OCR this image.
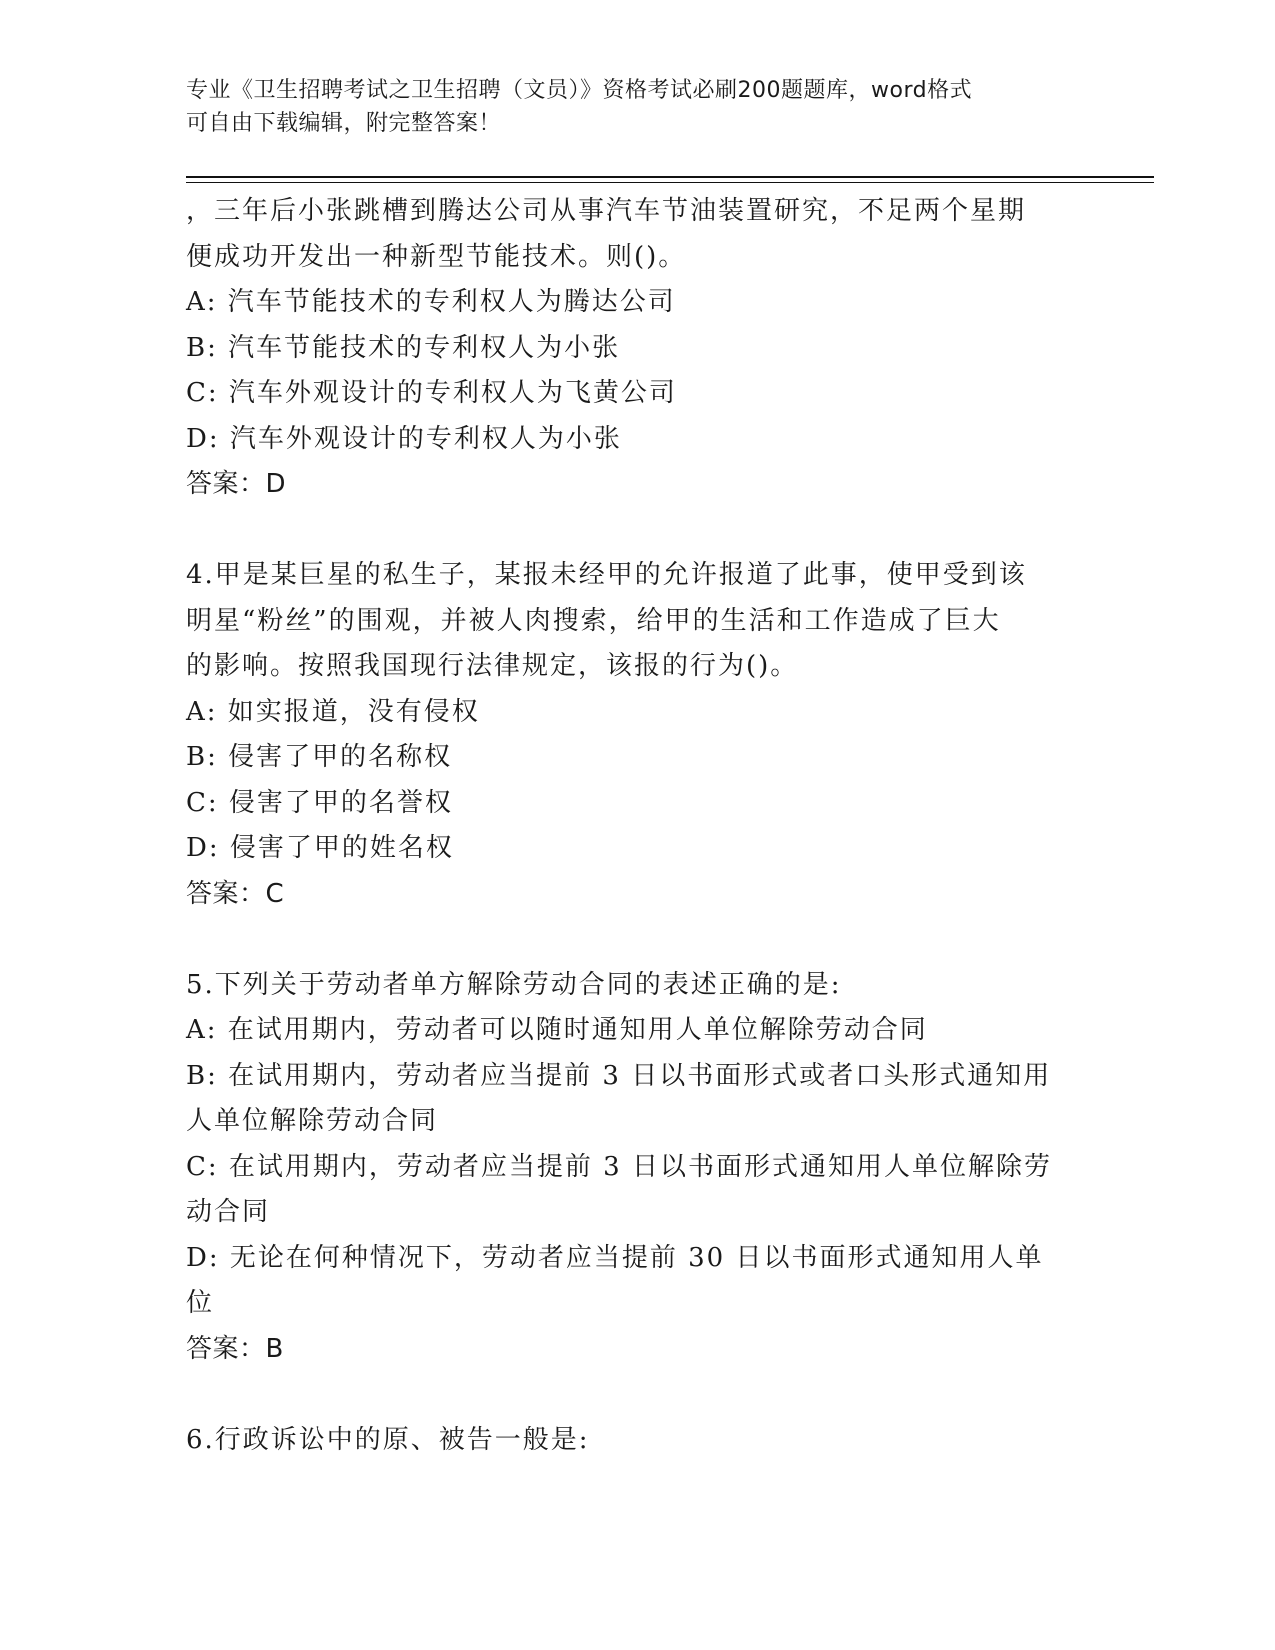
专业《卫生招聘考试之卫生招聘（文员）》资格考试必刷200题题库，word格式
可自由下载编辑，附完整答案！

，三年后小张跳槽到腾达公司从事汽车节油装置研究，不足两个星期

便成功开发出一种新型节能技术。则()。

A: 汽车节能技术的专利权人为腾达公司

B: 汽车节能技术的专利权人为小张

C: 汽车外观设计的专利权人为飞黄公司

D: 汽车外观设计的专利权人为小张

答案：D

4.甲是某巨星的私生子，某报未经甲的允许报道了此事，使甲受到该

明星“粉丝”的围观，并被人肉搜索，给甲的生活和工作造成了巨大

的影响。按照我国现行法律规定，该报的行为()。

A: 如实报道，没有侵权

B: 侵害了甲的名称权

C: 侵害了甲的名誉权

D: 侵害了甲的姓名权

答案：C

5.下列关于劳动者单方解除劳动合同的表述正确的是:

A: 在试用期内，劳动者可以随时通知用人单位解除劳动合同

B: 在试用期内，劳动者应当提前 3 日以书面形式或者口头形式通知用

人单位解除劳动合同

C: 在试用期内，劳动者应当提前 3 日以书面形式通知用人单位解除劳

动合同

D: 无论在何种情况下，劳动者应当提前 30 日以书面形式通知用人单

位

答案：B

6.行政诉讼中的原、被告一般是:
